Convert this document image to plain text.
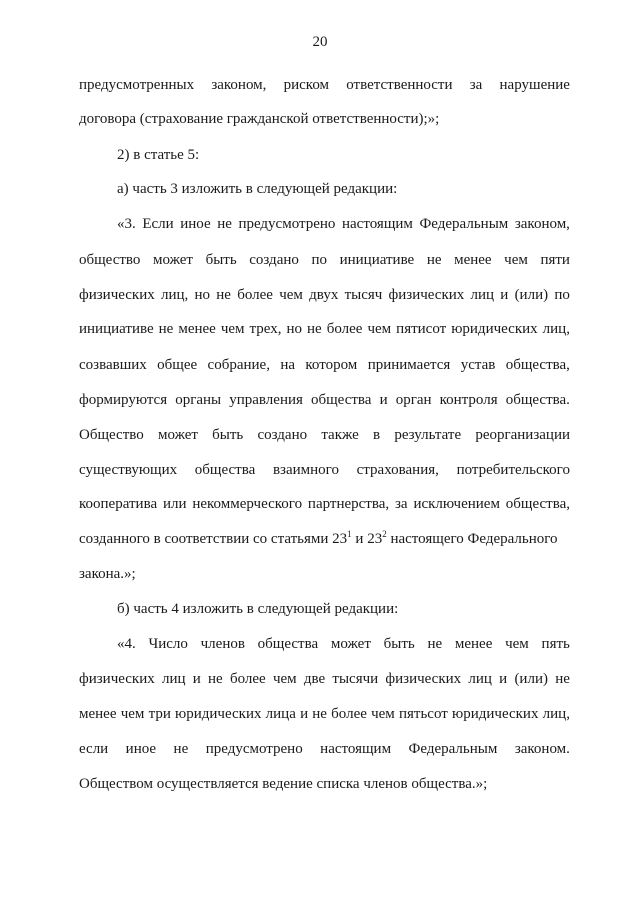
20
предусмотренных законом, риском ответственности за нарушение
договора (страхование гражданской ответственности);»;
2) в статье 5:
а) часть 3 изложить в следующей редакции:
«3. Если иное не предусмотрено настоящим Федеральным законом,
общество может быть создано по инициативе не менее чем пяти
физических лиц, но не более чем двух тысяч физических лиц и (или) по
инициативе не менее чем трех, но не более чем пятисот юридических лиц,
созвавших общее собрание, на котором принимается устав общества,
формируются органы управления общества и орган контроля общества.
Общество может быть создано также в результате реорганизации
существующих общества взаимного страхования, потребительского
кооператива или некоммерческого партнерства, за исключением общества,
созданного в соответствии со статьями $23^1$ и $23^2$ настоящего Федерального
закона.»;
б) часть 4 изложить в следующей редакции:
«4. Число членов общества может быть не менее чем пять
физических лиц и не более чем две тысячи физических лиц и (или) не
менее чем три юридических лица и не более чем пятьсот юридических лиц,
если иное не предусмотрено настоящим Федеральным законом.
Обществом осуществляется ведение списка членов общества.»;
